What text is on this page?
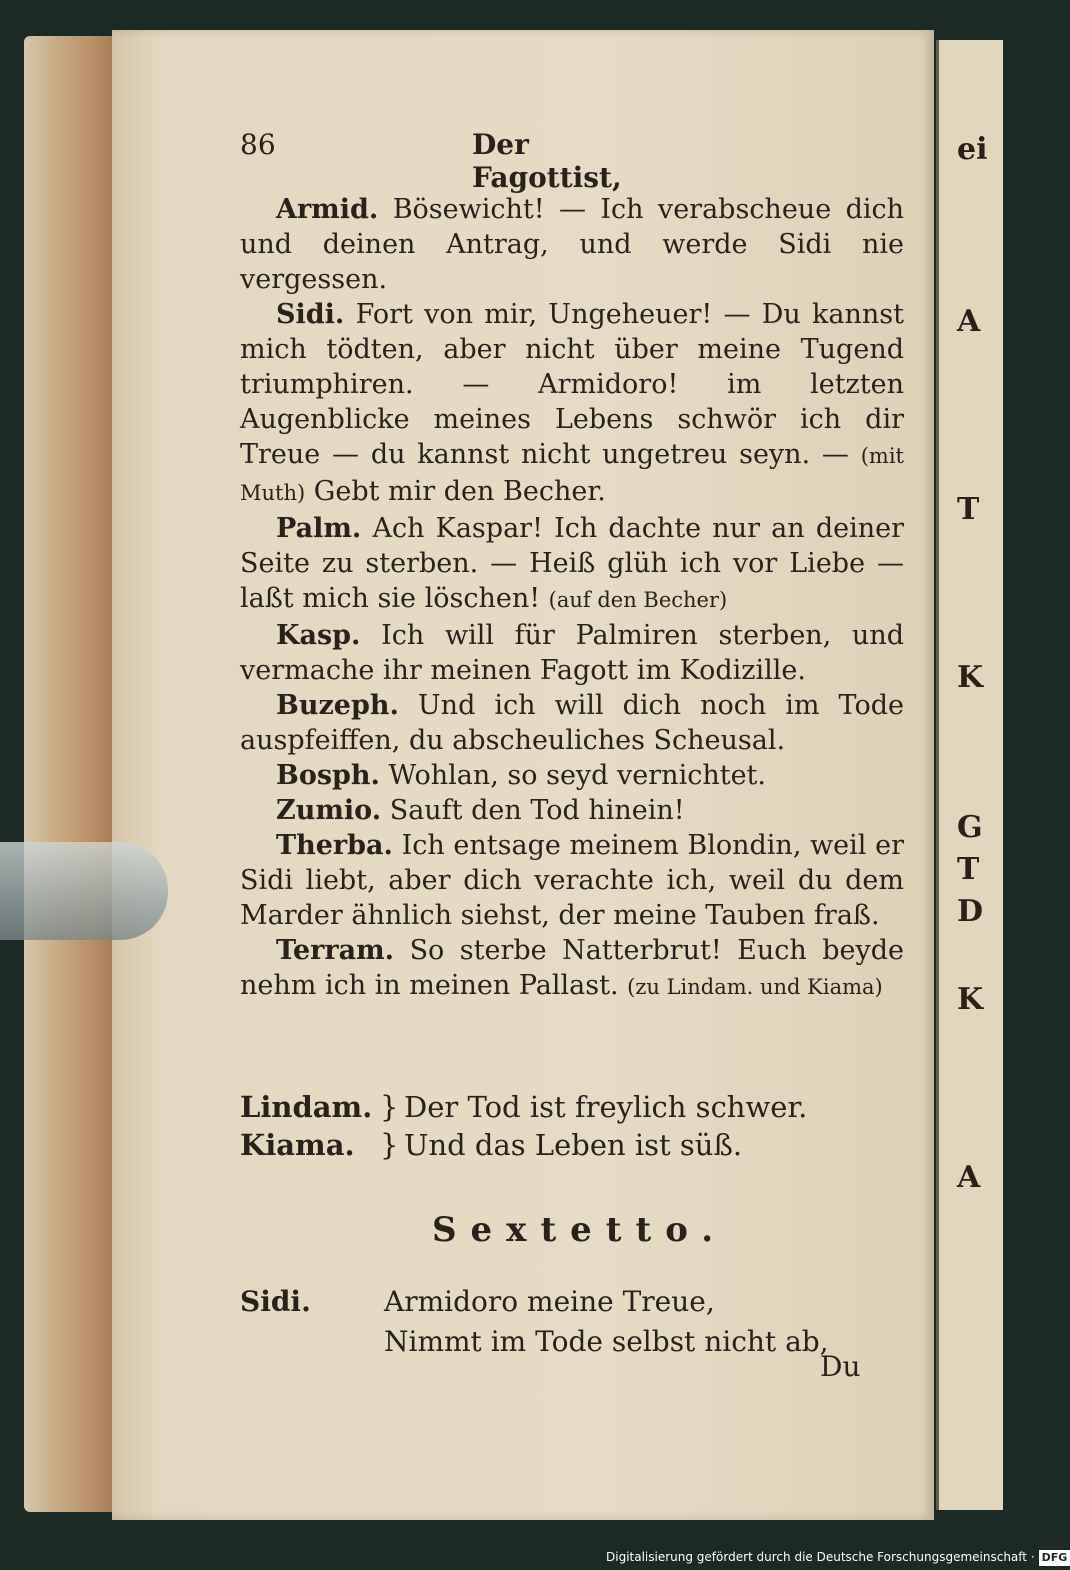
ei
A
T
K
G
T
D
K
A
86	Der Fagottist,

Armid. Bösewicht! — Ich verabscheue dich und deinen Antrag, und werde Sidi nie vergessen.

Sidi. Fort von mir, Ungeheuer! — Du kannst mich tödten, aber nicht über meine Tugend triumphiren. — Armidoro! im letzten Augenblicke meines Lebens schwör ich dir Treue — du kannst nicht ungetreu seyn. — (mit Muth) Gebt mir den Becher.

Palm. Ach Kaspar! Ich dachte nur an deiner Seite zu sterben. — Heiß glüh ich vor Liebe — laßt mich sie löschen! (auf den Becher)

Kasp. Ich will für Palmiren sterben, und vermache ihr meinen Fagott im Kodizille.

Buzeph. Und ich will dich noch im Tode auspfeiffen, du abscheuliches Scheusal.

Bosph. Wohlan, so seyd vernichtet.

Zumio. Sauft den Tod hinein!

Therba. Ich entsage meinem Blondin, weil er Sidi liebt, aber dich verachte ich, weil du dem Marder ähnlich siehst, der meine Tauben fraß.

Terram. So sterbe Natterbrut! Euch beyde nehm ich in meinen Pallast. (zu Lindam. und Kiama)

Lindam. } Der Tod ist freylich schwer.
Kiama. } Und das Leben ist süß.
Sextetto.
Sidi.	Armidoro meine Treue,
Nimmt im Tode selbst nicht ab,
Du
Digitalisierung gefördert durch die Deutsche Forschungsgemeinschaft · DFG
